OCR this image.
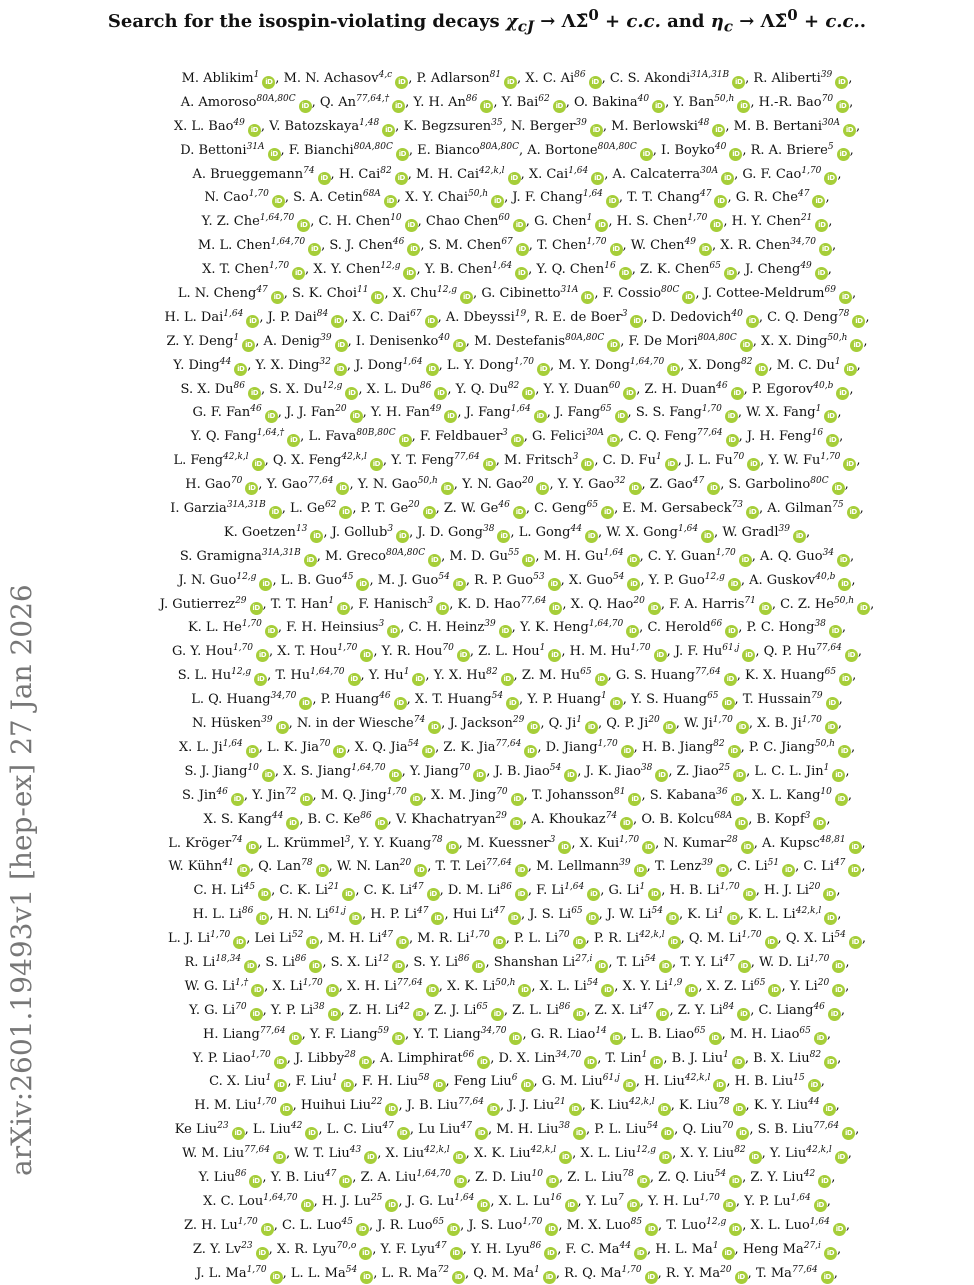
Search for the isospin-violating decays $\chi_{cJ}$ → ΛΣ̄$^0$ + c.c. and $\eta_c$ → ΛΣ̄$^0$ + c.c..
arXiv:2601.19493v1 [hep-ex] 27 Jan 2026
M. Ablikim$^1$iD , M. N. Achasov$^{4,c}$iD , P. Adlarson$^{81}$iD , X. C. Ai$^{86}$iD , C. S. Akondi$^{31A,31B}$iD , R. Aliberti$^{39}$iD ,
A. Amoroso$^{80A,80C}$iD , Q. $An^{77,64,\dagger}iD$ , Y. H. An$^{86}$iD , Y. Bai$^{62}$iD , O. Bakina$^{40}$iD , Y. Ban$^{50,h}$iD , H.-R. Bao$^{70}$iD ,
X. L. Bao$^{49}$iD , V. Batozskaya$^{1,48}$iD , K. Begzsuren$^{35}$, N. Berger$^{39}$iD , M. Berlowski$^{48}$iD , M. B. Bertani$^{30A}$iD ,
D. Bettoni$^{31A}$iD , F. Bianchi$^{80A,80C}$iD , E. Bianco$^{80A,80C}$, A. Bortone$^{80A,80C}$iD , I. Boyko$^{40}$iD , R. A. Briere$^5$iD ,
A. Brueggemann$^{74}$iD , H. Cai$^{82}$iD , M. H. Cai$^{42,k,l}$iD , X. Cai$^{1,64}$iD , A. Calcaterra$^{30A}$iD , G. F. Cao$^{1,70}$iD ,
N. Cao$^{1,70}$iD , S. A. Cetin$^{68A}$iD , X. Y. Chai$^{50,h}$iD , J. F. Chang$^{1,64}$iD , T. T. Chang$^{47}$iD , G. R. Che$^{47}$iD ,
Y. Z. Che$^{1,64,70}$iD , C. H. Chen$^{10}$iD , Chao Chen$^{60}$iD , G. Chen$^1$iD , H. S. Chen$^{1,70}$iD , H. Y. Chen$^{21}$iD ,
M. L. Chen$^{1,64,70}$iD , S. J. Chen$^{46}$iD , S. M. Chen$^{67}$iD , T. Chen$^{1,70}$iD , W. Chen$^{49}$iD , X. R. Chen$^{34,70}$iD ,
X. T. Chen$^{1,70}$iD , X. Y. Chen$^{12,g}$iD , Y. B. Chen$^{1,64}$iD , Y. Q. Chen$^{16}$iD , Z. K. Chen$^{65}$iD , J. Cheng$^{49}$iD ,
L. N. Cheng$^{47}$iD , S. K. Choi$^{11}$iD , X. Chu$^{12,g}$iD , G. Cibinetto$^{31A}$iD , F. Cossio$^{80C}$iD , J. Cottee-Meldrum$^{69}$iD ,
H. L. Dai$^{1,64}$iD , J. P. Dai$^{84}$iD , X. C. Dai$^{67}$iD , A. Dbeyssi$^{19}$, R. E. de Boer$^3$iD , D. Dedovich$^{40}$iD , C. Q. Deng$^{78}$iD ,
Z. Y. Deng$^1$iD , A. Denig$^{39}$iD , I. Denisenko$^{40}$iD , M. Destefanis$^{80A,80C}$iD , F. De Mori$^{80A,80C}$iD , X. X. Ding$^{50,h}$iD ,
Y. Ding$^{44}$iD , Y. X. Ding$^{32}$iD , J. Dong$^{1,64}$iD , L. Y. Dong$^{1,70}$iD , M. Y. Dong$^{1,64,70}$iD , X. Dong$^{82}$iD , M. C. Du$^1$iD ,
S. X. Du$^{86}$iD , S. X. Du$^{12,g}$iD , X. L. Du$^{86}$iD , Y. Q. Du$^{82}$iD , Y. Y. Duan$^{60}$iD , Z. H. Duan$^{46}$iD , P. Egorov$^{40,b}$iD ,
G. F. Fan$^{46}$iD , J. J. Fan$^{20}$iD , Y. H. Fan$^{49}$iD , J. Fang$^{1,64}$iD , J. Fang$^{65}$iD , S. S. Fang$^{1,70}$iD , W. X. Fang$^1$iD ,
Y. Q. Fang$^{1,64,\dagger}$iD , L. Fava$^{80B,80C}$iD , F. Feldbauer$^3$iD , G. Felici$^{30A}$iD , C. Q. Feng$^{77,64}$iD , J. H. Feng$^{16}$iD ,
L. Feng$^{42,k,l}$iD , Q. X. Feng$^{42,k,l}$iD , Y. T. Feng$^{77,64}$iD , M. Fritsch$^3$iD , C. D. Fu$^1$iD , J. L. Fu$^{70}$iD , Y. W. Fu$^{1,70}$iD ,
H. Gao$^{70}$iD , Y. Gao$^{77,64}$iD , Y. N. Gao$^{50,h}$iD , Y. N. Gao$^{20}$iD , Y. Y. Gao$^{32}$iD , Z. Gao$^{47}$iD , S. Garbolino$^{80C}$iD ,
I. Garzia$^{31A,31B}$iD , L. Ge$^{62}$iD , P. T. Ge$^{20}$iD , Z. W. Ge$^{46}$iD , C. Geng$^{65}$iD , E. M. Gersabeck$^{73}$iD , A. Gilman$^{75}$iD ,
K. Goetzen$^{13}$iD , J. Gollub$^3$iD , J. D. Gong$^{38}$iD , L. Gong$^{44}$iD , W. X. Gong$^{1,64}$iD , W. Gradl$^{39}$iD ,
S. Gramigna$^{31A,31B}$iD , M. Greco$^{80A,80C}$iD , M. D. Gu$^{55}$iD , M. H. Gu$^{1,64}$iD , C. Y. Guan$^{1,70}$iD , A. Q. Guo$^{34}$iD ,
J. N. Guo$^{12,g}$iD , L. B. Guo$^{45}$iD , M. J. Guo$^{54}$iD , R. P. Guo$^{53}$iD , X. Guo$^{54}$iD , Y. P. Guo$^{12,g}$iD , A. Guskov$^{40,b}$iD ,
J. Gutierrez$^{29}$iD , T. T. Han$^1$iD , F. Hanisch$^3$iD , K. D. Hao$^{77,64}$iD , X. Q. Hao$^{20}$iD , F. A. Harris$^{71}$iD , C. Z. He$^{50,h}$iD ,
K. L. He$^{1,70}$iD , F. H. Heinsius$^3$iD , C. H. Heinz$^{39}$iD , Y. K. Heng$^{1,64,70}$iD , C. Herold$^{66}$iD , P. C. Hong$^{38}$iD ,
G. Y. Hou$^{1,70}$iD , X. T. Hou$^{1,70}$iD , Y. R. Hou$^{70}$iD , Z. L. Hou$^1$iD , H. M. Hu$^{1,70}$iD , J. F. Hu$^{61,j}$iD , Q. P. Hu$^{77,64}$iD ,
S. L. Hu$^{12,g}$iD , T. Hu$^{1,64,70}$iD , Y. Hu$^1$iD , Y. X. Hu$^{82}$iD , Z. M. Hu$^{65}$iD , G. S. Huang$^{77,64}$iD , K. X. Huang$^{65}$iD ,
L. Q. Huang$^{34,70}$iD , P. Huang$^{46}$iD , X. T. Huang$^{54}$iD , Y. P. Huang$^1$iD , Y. S. Huang$^{65}$iD , T. Hussain$^{79}$iD ,
N. Hüsken$^{39}$iD , N. in der Wiesche$^{74}$iD , J. Jackson$^{29}$iD , Q. Ji$^1$iD , Q. P. Ji$^{20}$iD , W. Ji$^{1,70}$iD , X. B. Ji$^{1,70}$iD ,
X. L. Ji$^{1,64}$iD , L. K. Jia$^{70}$iD , X. Q. Jia$^{54}$iD , Z. K. Jia$^{77,64}$iD , D. Jiang$^{1,70}$iD , H. B. Jiang$^{82}$iD , P. C. Jiang$^{50,h}$iD ,
S. J. Jiang$^{10}$iD , X. S. Jiang$^{1,64,70}$iD , Y. Jiang$^{70}$iD , J. B. Jiao$^{54}$iD , J. K. Jiao$^{38}$iD , Z. Jiao$^{25}$iD , L. C. L. Jin$^1$iD ,
S. Jin$^{46}$iD , Y. Jin$^{72}$iD , M. Q. Jing$^{1,70}$iD , X. M. Jing$^{70}$iD , T. Johansson$^{81}$iD , S. Kabana$^{36}$iD , X. L. Kang$^{10}$iD ,
X. S. Kang$^{44}$iD , B. C. Ke$^{86}$iD , V. Khachatryan$^{29}$iD , A. Khoukaz$^{74}$iD , O. B. Kolcu$^{68A}$iD , B. Kopf$^3$iD ,
L. Kröger$^{74}$iD , L. Krümmel$^3$, Y. Y. Kuang$^{78}$iD , M. Kuessner$^3$iD , X. Kui$^{1,70}$iD , N. Kumar$^{28}$iD , A. Kupsc$^{48,81}$iD ,
W. Kühn$^{41}$iD , Q. Lan$^{78}$iD , W. N. Lan$^{20}$iD , T. T. Lei$^{77,64}$iD , M. Lellmann$^{39}$iD , T. Lenz$^{39}$iD , C. Li$^{51}$iD , C. Li$^{47}$iD ,
C. H. Li$^{45}$iD , C. K. Li$^{21}$iD , C. K. Li$^{47}$iD , D. M. Li$^{86}$iD , F. Li$^{1,64}$iD , G. Li$^1$iD , H. B. Li$^{1,70}$iD , H. J. Li$^{20}$iD ,
H. L. Li$^{86}$iD , H. N. Li$^{61,j}$iD , H. P. Li$^{47}$iD , Hui Li$^{47}$iD , J. S. Li$^{65}$iD , J. W. Li$^{54}$iD , K. Li$^1$iD , K. L. Li$^{42,k,l}$iD ,
L. J. Li$^{1,70}$iD , Lei Li$^{52}$iD , M. H. Li$^{47}$iD , M. R. Li$^{1,70}$iD , P. L. Li$^{70}$iD , P. R. Li$^{42,k,l}$iD , Q. M. Li$^{1,70}$iD , Q. X. Li$^{54}$iD ,
R. Li$^{18,34}$iD , S. Li$^{86}$iD , S. X. Li$^{12}$iD , S. Y. Li$^{86}$iD , Shanshan Li$^{27,i}$iD , T. Li$^{54}$iD , T. Y. Li$^{47}$iD , W. D. Li$^{1,70}$iD ,
W. G. $Li^{1,\dagger}iD$ , X. Li$^{1,70}$iD , X. H. Li$^{77,64}$iD , X. K. Li$^{50,h}$iD , X. L. Li$^{54}$iD , X. Y. Li$^{1,9}$iD , X. Z. Li$^{65}$iD , Y. Li$^{20}$iD ,
Y. G. Li$^{70}$iD , Y. P. Li$^{38}$iD , Z. H. Li$^{42}$iD , Z. J. Li$^{65}$iD , Z. L. Li$^{86}$iD , Z. X. Li$^{47}$iD , Z. Y. Li$^{84}$iD , C. Liang$^{46}$iD ,
H. Liang$^{77,64}$iD , Y. F. Liang$^{59}$iD , Y. T. Liang$^{34,70}$iD , G. R. Liao$^{14}$iD , L. B. Liao$^{65}$iD , M. H. Liao$^{65}$iD ,
Y. P. Liao$^{1,70}$iD , J. Libby$^{28}$iD , A. Limphirat$^{66}$iD , D. X. Lin$^{34,70}$iD , T. Lin$^1$iD , B. J. Liu$^1$iD , B. X. Liu$^{82}$iD ,
C. X. Liu$^1$iD , F. Liu$^1$iD , F. H. Liu$^{58}$iD , Feng Liu$^6$iD , G. M. Liu$^{61,j}$iD , H. Liu$^{42,k,l}$iD , H. B. Liu$^{15}$iD ,
H. M. Liu$^{1,70}$iD , Huihui Liu$^{22}$iD , J. B. Liu$^{77,64}$iD , J. J. Liu$^{21}$iD , K. Liu$^{42,k,l}$iD , K. Liu$^{78}$iD , K. Y. Liu$^{44}$iD ,
Ke Liu$^{23}$iD , L. Liu$^{42}$iD , L. C. Liu$^{47}$iD , Lu Liu$^{47}$iD , M. H. Liu$^{38}$iD , P. L. Liu$^{54}$iD , Q. Liu$^{70}$iD , S. B. Liu$^{77,64}$iD ,
W. M. Liu$^{77,64}$iD , W. T. Liu$^{43}$iD , X. Liu$^{42,k,l}$iD , X. K. Liu$^{42,k,l}$iD , X. L. Liu$^{12,g}$iD , X. Y. Liu$^{82}$iD , Y. Liu$^{42,k,l}$iD ,
Y. Liu$^{86}$iD , Y. B. Liu$^{47}$iD , Z. A. Liu$^{1,64,70}$iD , Z. D. Liu$^{10}$iD , Z. L. Liu$^{78}$iD , Z. Q. Liu$^{54}$iD , Z. Y. Liu$^{42}$iD ,
X. C. Lou$^{1,64,70}$iD , H. J. Lu$^{25}$iD , J. G. Lu$^{1,64}$iD , X. L. Lu$^{16}$iD , Y. Lu$^7$iD , Y. H. Lu$^{1,70}$iD , Y. P. Lu$^{1,64}$iD ,
Z. H. Lu$^{1,70}$iD , C. L. Luo$^{45}$iD , J. R. Luo$^{65}$iD , J. S. Luo$^{1,70}$iD , M. X. Luo$^{85}$iD , T. Luo$^{12,g}$iD , X. L. Luo$^{1,64}$iD ,
Z. Y. Lv$^{23}$iD , X. R. Lyu$^{70,o}$iD , Y. F. Lyu$^{47}$iD , Y. H. Lyu$^{86}$iD , F. C. Ma$^{44}$iD , H. L. Ma$^1$iD , Heng Ma$^{27,i}$iD ,
J. L. Ma$^{1,70}$iD , L. L. Ma$^{54}$iD , L. R. Ma$^{72}$iD , Q. M. Ma$^1$iD , R. Q. Ma$^{1,70}$iD , R. Y. Ma$^{20}$iD , T. Ma$^{77,64}$iD ,
